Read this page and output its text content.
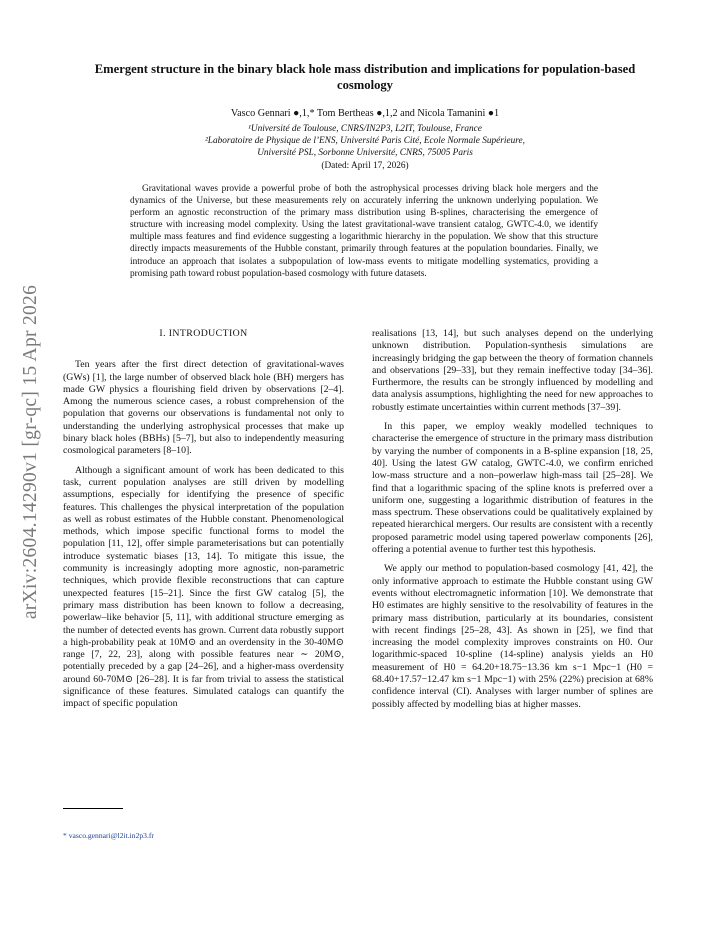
arXiv:2604.14290v1 [gr-qc] 15 Apr 2026
Emergent structure in the binary black hole mass distribution and implications for population-based cosmology
Vasco Gennari ●,1,* Tom Bertheas ●,1,2 and Nicola Tamanini ●1
¹Université de Toulouse, CNRS/IN2P3, L2IT, Toulouse, France
²Laboratoire de Physique de l’ENS, Université Paris Cité, Ecole Normale Supérieure,
Université PSL, Sorbonne Université, CNRS, 75005 Paris
(Dated: April 17, 2026)
Gravitational waves provide a powerful probe of both the astrophysical processes driving black hole mergers and the dynamics of the Universe, but these measurements rely on accurately inferring the unknown underlying population. We perform an agnostic reconstruction of the primary mass distribution using B-splines, characterising the emergence of structure with increasing model complexity. Using the latest gravitational-wave transient catalog, GWTC-4.0, we identify multiple mass features and find evidence suggesting a logarithmic hierarchy in the population. We show that this structure directly impacts measurements of the Hubble constant, primarily through features at the population boundaries. Finally, we introduce an approach that isolates a subpopulation of low-mass events to mitigate modelling systematics, providing a promising path toward robust population-based cosmology with future datasets.
I. INTRODUCTION

Ten years after the first direct detection of gravitational-waves (GWs) [1], the large number of observed black hole (BH) mergers has made GW physics a flourishing field driven by observations [2–4]. Among the numerous science cases, a robust comprehension of the population that governs our observations is fundamental not only to understanding the underlying astrophysical processes that make up binary black holes (BBHs) [5–7], but also to independently measuring cosmological parameters [8–10].

Although a significant amount of work has been dedicated to this task, current population analyses are still driven by modelling assumptions, especially for identifying the presence of specific features. This challenges the physical interpretation of the population as well as robust estimates of the Hubble constant. Phenomenological methods, which impose specific functional forms to model the population [11, 12], offer simple parameterisations but can potentially introduce systematic biases [13, 14]. To mitigate this issue, the community is increasingly adopting more agnostic, non-parametric techniques, which provide flexible reconstructions that can capture unexpected features [15–21]. Since the first GW catalog [5], the primary mass distribution has been known to follow a decreasing, powerlaw–like behavior [5, 11], with additional structure emerging as the number of detected events has grown. Current data robustly support a high-probability peak at 10M⊙ and an overdensity in the 30-40M⊙ range [7, 22, 23], along with possible features near ∼ 20M⊙, potentially preceded by a gap [24–26], and a higher-mass overdensity around 60-70M⊙ [26–28]. It is far from trivial to assess the statistical significance of these features. Simulated catalogs can quantify the impact of specific population

realisations [13, 14], but such analyses depend on the underlying unknown distribution. Population-synthesis simulations are increasingly bridging the gap between the theory of formation channels and observations [29–33], but they remain ineffective today [34–36]. Furthermore, the results can be strongly influenced by modelling and data analysis assumptions, highlighting the need for new approaches to robustly estimate uncertainties within current methods [37–39].

In this paper, we employ weakly modelled techniques to characterise the emergence of structure in the primary mass distribution by varying the number of components in a B-spline expansion [18, 25, 40]. Using the latest GW catalog, GWTC-4.0, we confirm enriched low-mass structure and a non–powerlaw high-mass tail [25–28]. We find that a logarithmic spacing of the spline knots is preferred over a uniform one, suggesting a logarithmic distribution of features in the mass spectrum. These observations could be qualitatively explained by repeated hierarchical mergers. Our results are consistent with a recently proposed parametric model using tapered powerlaw components [26], offering a potential avenue to further test this hypothesis.

We apply our method to population-based cosmology [41, 42], the only informative approach to estimate the Hubble constant using GW events without electromagnetic information [10]. We demonstrate that H0 estimates are highly sensitive to the resolvability of features in the primary mass distribution, particularly at its boundaries, consistent with recent findings [25–28, 43]. As shown in [25], we find that increasing the model complexity improves constraints on H0. Our logarithmic-spaced 10-spline (14-spline) analysis yields an H0 measurement of H0 = 64.20+18.75−13.36 km s−1 Mpc−1 (H0 = 68.40+17.57−12.47 km s−1 Mpc−1) with 25% (22%) precision at 68% confidence interval (CI). Analyses with larger number of splines are possibly affected by modelling bias at higher masses.

* vasco.gennari@l2it.in2p3.fr
